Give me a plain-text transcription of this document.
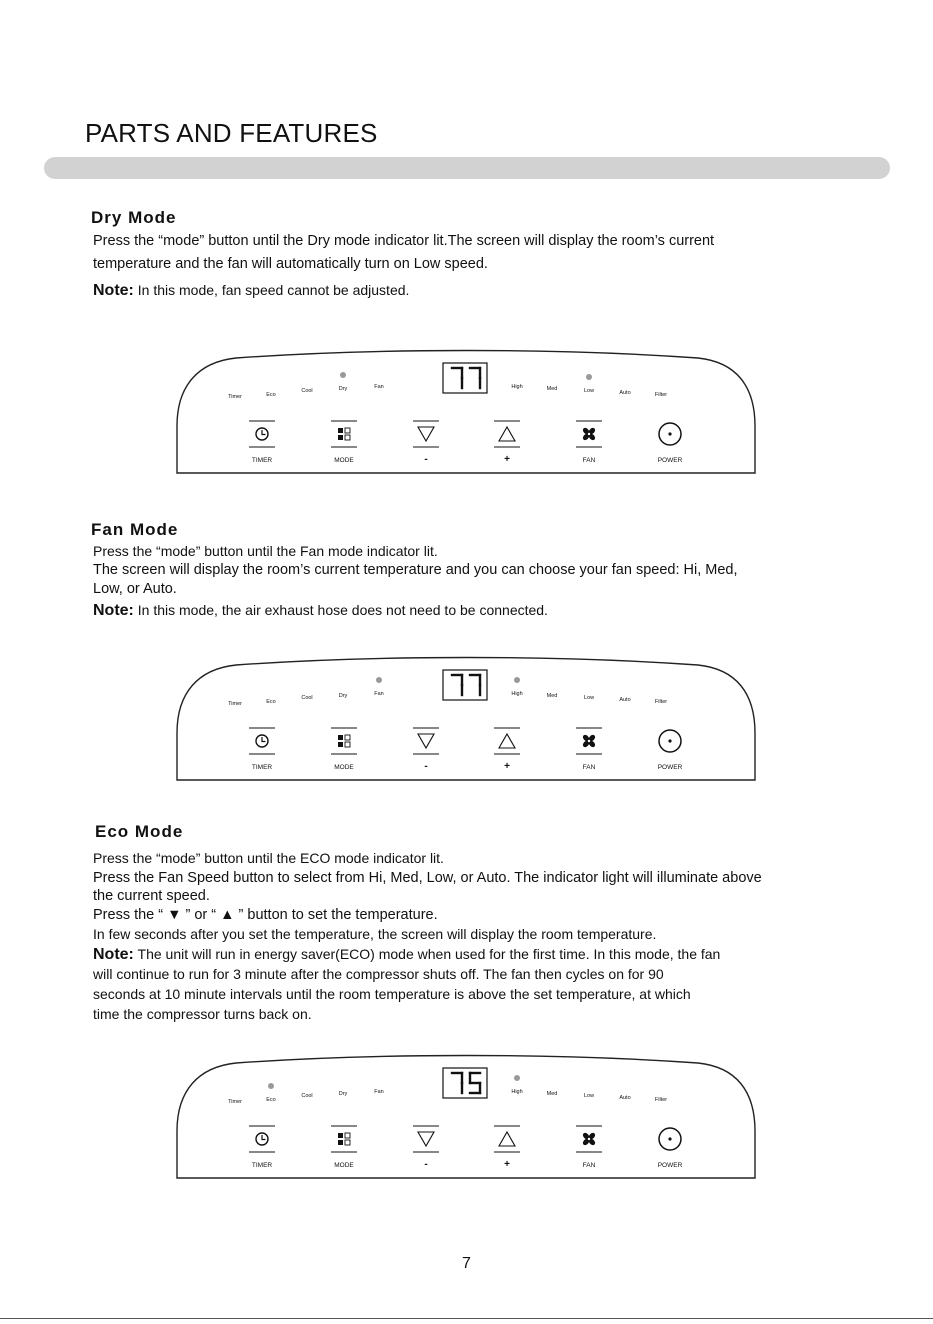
PARTS AND FEATURES
Dry Mode
Press the “mode” button until the Dry mode indicator lit.The screen will display the room’s current
temperature and the fan will automatically turn on Low speed.
Note: In this mode, fan speed cannot be adjusted.
Timer	Eco
Cool	Dry	Fan	High	Med	Low	Auto	Filter
TIMER	MODE	-	+	FAN	POWER
Fan Mode
Press the “mode” button until the Fan mode indicator lit.
The screen will display the room’s current temperature and you can choose your fan speed: Hi, Med,
Low, or Auto.
Note: In this mode, the air exhaust hose does not need to be connected.
Timer	Eco
Cool	Dry	Fan	High	Med	Low	Auto	Filter
TIMER	MODE	-	+	FAN	POWER
Eco Mode
Press the “mode” button until the ECO mode indicator lit.
Press the Fan Speed button to select from Hi, Med, Low, or Auto. The indicator light will illuminate above
the current speed.
Press the “ ▼ ” or “ ▲ ” button to set the temperature.
In few seconds after you set the temperature, the screen will display the room temperature.
Note: The unit will run in energy saver(ECO) mode when used for the first time. In this mode, the fan
will continue to run for 3 minute after the compressor shuts off. The fan then cycles on for 90
seconds at 10 minute intervals until the room temperature is above the set temperature, at which
time the compressor turns back on.
Timer	Eco
Cool	Dry	Fan	High	Med	Low	Auto	Filter
TIMER	MODE	-	+	FAN	POWER
7
